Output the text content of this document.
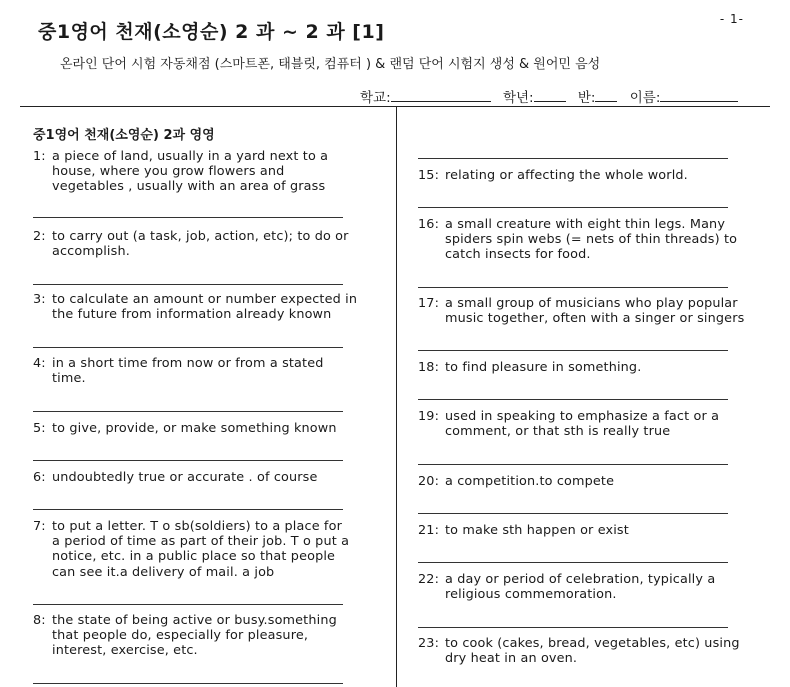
- 1-
중1영어 천재(소영순) 2 과 ~ 2 과 [1]
온라인 단어 시험 자동채점 (스마트폰, 태블릿, 컴퓨터 ) & 랜덤 단어 시험지 생성 & 원어민 음성
학교:	학년:	반:	이름:
중1영어 천재(소영순) 2과 영영
1: a piece of land, usually in a yard next to a
house, where you grow flowers and
vegetables , usually with an area of grass
2: to carry out (a task, job, action, etc); to do or
accomplish.
3: to calculate an amount or number expected in
the future from information already known
4: in a short time from now or from a stated
time.
5: to give, provide, or make something known
6: undoubtedly true or accurate . of course
7: to put a letter. T o sb(soldiers) to a place for
a period of time as part of their job. T o put a
notice, etc. in a public place so that people
can see it.a delivery of mail. a job
8: the state of being active or busy.something
that people do, especially for pleasure,
interest, exercise, etc.
15: relating or affecting the whole world.
16: a small creature with eight thin legs. Many
spiders spin webs (= nets of thin threads) to
catch insects for food.
17: a small group of musicians who play popular
music together, often with a singer or singers
18: to find pleasure in something.
19: used in speaking to emphasize a fact or a
comment, or that sth is really true
20: a competition.to compete
21: to make sth happen or exist
22: a day or period of celebration, typically a
religious commemoration.
23: to cook (cakes, bread, vegetables, etc) using
dry heat in an oven.
